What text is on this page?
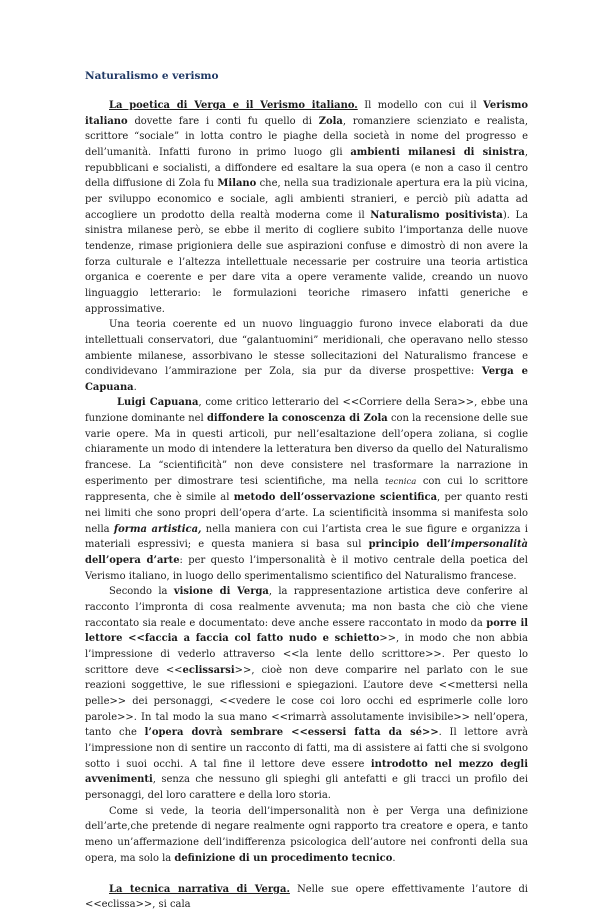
Naturalismo e verismo

La poetica di Verga e il Verismo italiano. Il modello con cui il Verismo italiano dovette fare i conti fu quello di Zola, romanziere scienziato e realista, scrittore “sociale” in lotta contro le piaghe della società in nome del progresso e dell’umanità. Infatti furono in primo luogo gli ambienti milanesi di sinistra, repubblicani e socialisti, a diffondere ed esaltare la sua opera (e non a caso il centro della diffusione di Zola fu Milano che, nella sua tradizionale apertura era la più vicina, per sviluppo economico e sociale, agli ambienti stranieri, e perciò più adatta ad accogliere un prodotto della realtà moderna come il Naturalismo positivista). La sinistra milanese però, se ebbe il merito di cogliere subito l’importanza delle nuove tendenze, rimase prigioniera delle sue aspirazioni confuse e dimostrò di non avere la forza culturale e l’altezza intellettuale necessarie per costruire una teoria artistica organica e coerente e per dare vita a opere veramente valide, creando un nuovo linguaggio letterario: le formulazioni teoriche rimasero infatti generiche e approssimative.

Una teoria coerente ed un nuovo linguaggio furono invece elaborati da due intellettuali conservatori, due “galantuomini” meridionali, che operavano nello stesso ambiente milanese, assorbivano le stesse sollecitazioni del Naturalismo francese e condividevano l’ammirazione per Zola, sia pur da diverse prospettive: Verga e Capuana.

Luigi Capuana, come critico letterario del <<Corriere della Sera>>, ebbe una funzione dominante nel diffondere la conoscenza di Zola con la recensione delle sue varie opere. Ma in questi articoli, pur nell’esaltazione dell’opera zoliana, si coglie chiaramente un modo di intendere la letteratura ben diverso da quello del Naturalismo francese. La “scientificità” non deve consistere nel trasformare la narrazione in esperimento per dimostrare tesi scientifiche, ma nella tecnica con cui lo scrittore rappresenta, che è simile al metodo dell’osservazione scientifica, per quanto resti nei limiti che sono propri dell’opera d’arte. La scientificità insomma si manifesta solo nella forma artistica, nella maniera con cui l’artista crea le sue figure e organizza i materiali espressivi; e questa maniera si basa sul principio dell’impersonalità dell’opera d’arte: per questo l’impersonalità è il motivo centrale della poetica del Verismo italiano, in luogo dello sperimentalismo scientifico del Naturalismo francese.

Secondo la visione di Verga, la rappresentazione artistica deve conferire al racconto l’impronta di cosa realmente avvenuta; ma non basta che ciò che viene raccontato sia reale e documentato: deve anche essere raccontato in modo da porre il lettore <<faccia a faccia col fatto nudo e schietto>>, in modo che non abbia l’impressione di vederlo attraverso <<la lente dello scrittore>>. Per questo lo scrittore deve <<eclissarsi>>, cioè non deve comparire nel parlato con le sue reazioni soggettive, le sue riflessioni e spiegazioni. L’autore deve <<mettersi nella pelle>> dei personaggi, <<vedere le cose coi loro occhi ed esprimerle colle loro parole>>. In tal modo la sua mano <<rimarrà assolutamente invisibile>> nell’opera, tanto che l’opera dovrà sembrare <<essersi fatta da sé>>. Il lettore avrà l’impressione non di sentire un racconto di fatti, ma di assistere ai fatti che si svolgono sotto i suoi occhi. A tal fine il lettore deve essere introdotto nel mezzo degli avvenimenti, senza che nessuno gli spieghi gli antefatti e gli tracci un profilo dei personaggi, del loro carattere e della loro storia.

Come si vede, la teoria dell’impersonalità non è per Verga una definizione dell’arte,che pretende di negare realmente ogni rapporto tra creatore e opera, e tanto meno un’affermazione dell’indifferenza psicologica dell’autore nei confronti della sua opera, ma solo la definizione di un procedimento tecnico.

La tecnica narrativa di Verga. Nelle sue opere effettivamente l’autore di <<eclissa>>, si cala
